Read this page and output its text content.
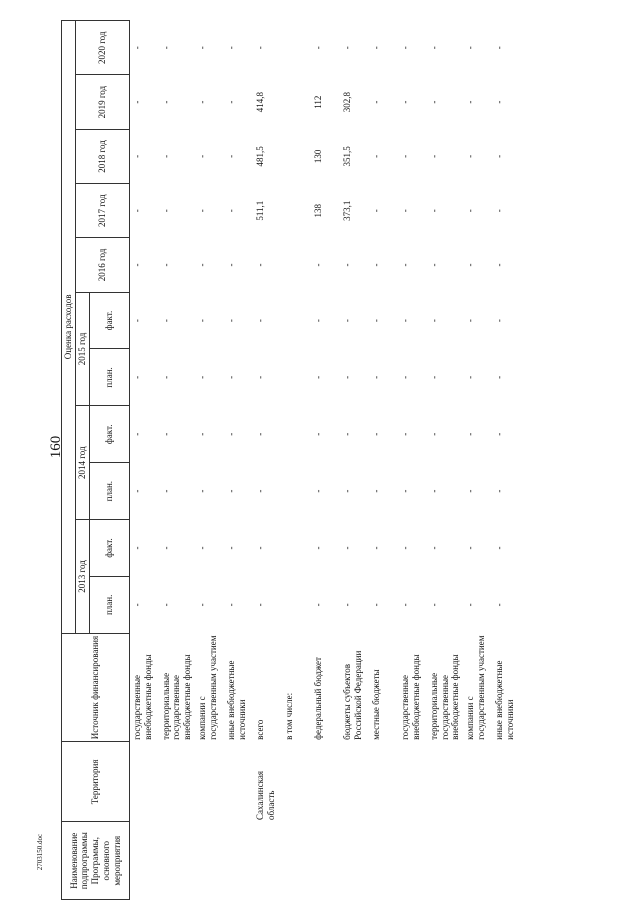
160
2703150.doc	Наименование подпрограммы Программы, основного мероприятия	Территория	Источник финансирования	Оценка расходов										
			2013 год		2014 год		2015 год		2016 год	2017 год	2018 год	2019 год	2020 год
			план.	факт.	план.	факт.	план.	факт.					
		государственные внебюджетные фонды	-	-	-	-	-	-	-	-	-	-	-
		территориальные государственные внебюджетные фонды	-	-	-	-	-	-	-	-	-	-	-
		компании с государственным участием	-	-	-	-	-	-	-	-	-	-	-
		иные внебюджетные источники	-	-	-	-	-	-	-	-	-	-	-
	Сахалинская область	всего	-	-	-	-	-	-	-	511,1	481,5	414,8	-
		в том числе:											
		федеральный бюджет	-	-	-	-	-	-	-	138	130	112	-
		бюджеты субъектов Российской Федерации	-	-	-	-	-	-	-	373,1	351,5	302,8	-
		местные бюджеты	-	-	-	-	-	-	-	-	-	-	-
		государственные внебюджетные фонды	-	-	-	-	-	-	-	-	-	-	-
		территориальные государственные внебюджетные фонды	-	-	-	-	-	-	-	-	-	-	-
		компании с государственным участием	-	-	-	-	-	-	-	-	-	-	-
		иные внебюджетные источники	-	-	-	-	-	-	-	-	-	-	-
